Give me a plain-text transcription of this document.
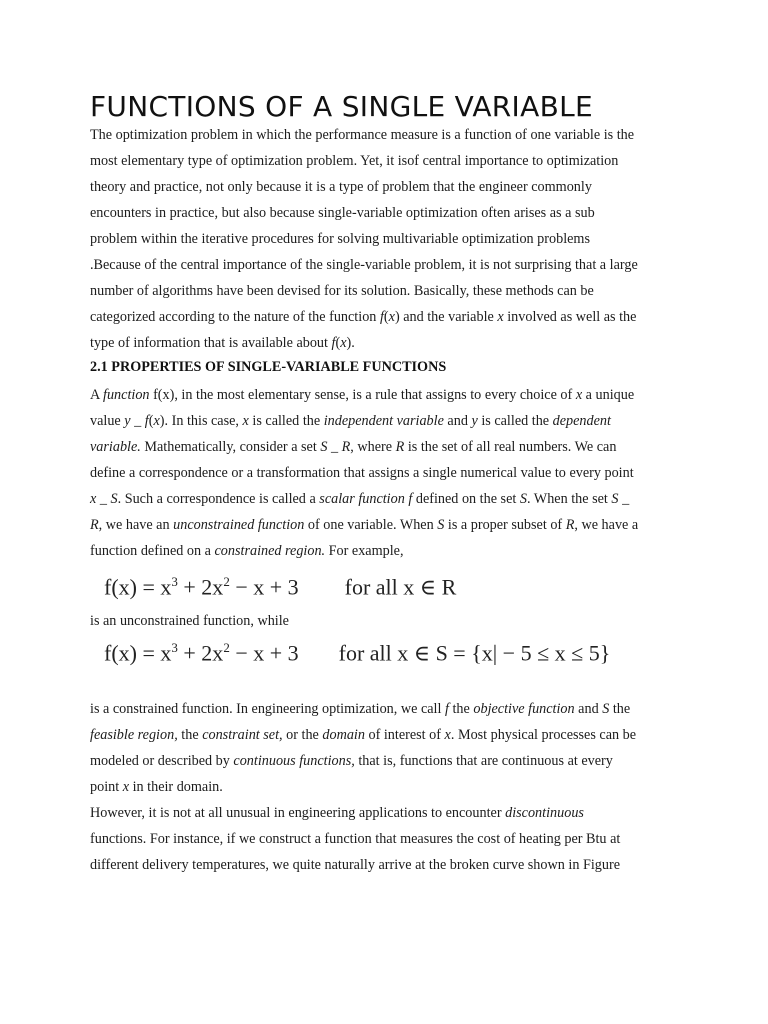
FUNCTIONS OF A SINGLE VARIABLE
The optimization problem in which the performance measure is a function of one variable is the
most elementary type of optimization problem. Yet, it isof central importance to optimization
theory and practice, not only because it is a type of problem that the engineer commonly
encounters in practice, but also because single-variable optimization often arises as a sub
problem within the iterative procedures for solving multivariable optimization problems
.Because of the central importance of the single-variable problem, it is not surprising that a large
number of algorithms have been devised for its solution. Basically, these methods can be
categorized according to the nature of the function f(x) and the variable x involved as well as the
type of information that is available about f(x).
2.1 PROPERTIES OF SINGLE-VARIABLE FUNCTIONS
A function f(x), in the most elementary sense, is a rule that assigns to every choice of x a unique
value y _ f(x). In this case, x is called the independent variable and y is called the dependent
variable. Mathematically, consider a set S _ R, where R is the set of all real numbers. We can
define a correspondence or a transformation that assigns a single numerical value to every point
x _ S. Such a correspondence is called a scalar function f defined on the set S. When the set S _
R, we have an unconstrained function of one variable. When S is a proper subset of R, we have a
function defined on a constrained region. For example,
$f(x) = x^3 + 2x^2 - x + 3$ for all x ∈ R
is an unconstrained function, while
$f(x) = x^3 + 2x^2 - x + 3$ for all x ∈ S = {x| − 5 ≤ x ≤ 5}
is a constrained function. In engineering optimization, we call f the objective function and S the
feasible region, the constraint set, or the domain of interest of x. Most physical processes can be
modeled or described by continuous functions, that is, functions that are continuous at every
point x in their domain.
However, it is not at all unusual in engineering applications to encounter discontinuous
functions. For instance, if we construct a function that measures the cost of heating per Btu at
different delivery temperatures, we quite naturally arrive at the broken curve shown in Figure
